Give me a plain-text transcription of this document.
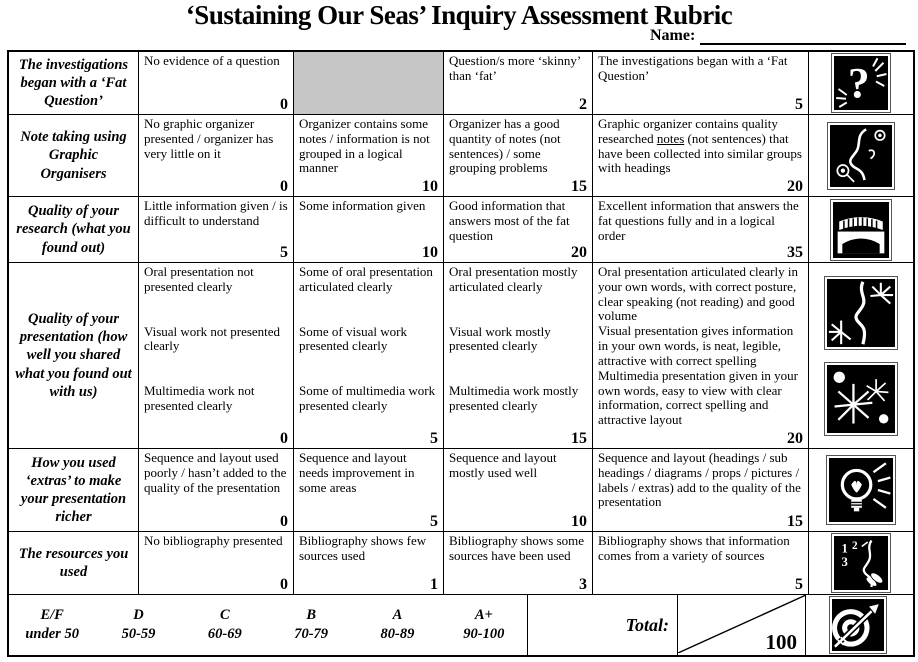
‘Sustaining Our Seas’ Inquiry Assessment Rubric
Name:
The investigations began with a ‘Fat Question’
No evidence of a question
0
Question/s more ‘skinny’ than ‘fat’
2
The investigations began with a ‘Fat Question’
5 ?
Note taking using Graphic Organisers
No graphic organizer presented / organizer has very little on it
0
Organizer contains some notes / information is not grouped in a logical manner
10
Organizer has a good quantity of notes (not sentences) / some grouping problems
15
Graphic organizer contains quality researched notes (not sentences) that have been collected into similar groups with headings
20
Quality of your research (what you found out)
Little information given / is difficult to understand
5
Some information given
10
Good information that answers most of the fat question
20
Excellent information that answers the fat questions fully and in a logical order
35
Quality of your presentation (how well you shared what you found out with us)
Oral presentation not presented clearly
Visual work not presented clearly
Multimedia work not presented clearly
0
Some of oral presentation articulated clearly
Some of visual work presented clearly
Some of multimedia work presented clearly
5
Oral presentation mostly articulated clearly
Visual work mostly presented clearly
Multimedia work mostly presented clearly
15
Oral presentation articulated clearly in your own words, with correct posture, clear speaking (not reading) and good volume
Visual presentation gives information in your own words, is neat, legible, attractive with correct spelling
Multimedia presentation given in your own words, easy to view with clear information, correct spelling and attractive layout
20
How you used ‘extras’ to make your presentation richer
Sequence and layout used poorly / hasn’t added to the quality of the presentation
0
Sequence and layout needs improvement in some areas
5
Sequence and layout mostly used well
10
Sequence and layout (headings / sub headings / diagrams / props / pictures / labels / extras) add to the quality of the presentation
15
The resources you used
No bibliography presented
0
Bibliography shows few sources used
1
Bibliography shows some sources have been used
3
Bibliography shows that information comes from a variety of sources
5
1 2
3
E/F
under 50
D
50-59
C
60-69
B
70-79
A
80-89
A+
90-100	Total:
100
